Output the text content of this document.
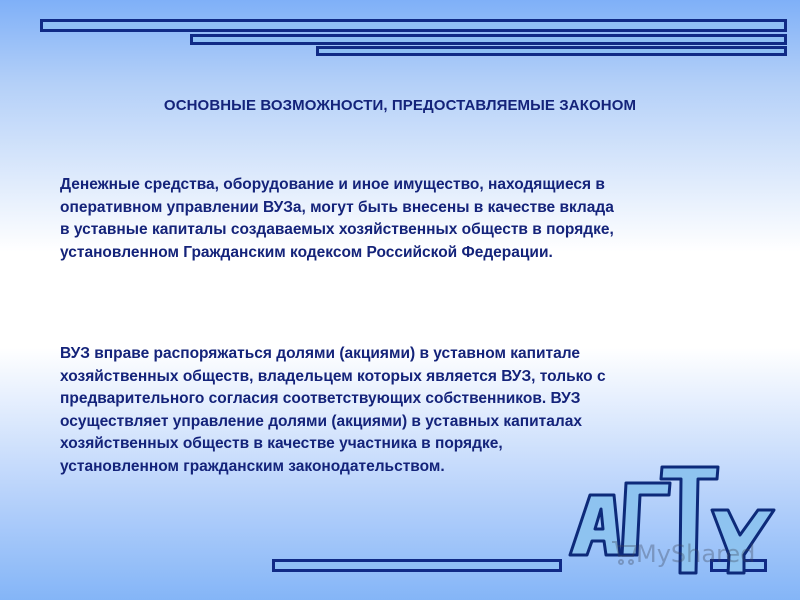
ОСНОВНЫЕ ВОЗМОЖНОСТИ, ПРЕДОСТАВЛЯЕМЫЕ ЗАКОНОМ

Денежные средства, оборудование и иное имущество, находящиеся в
оперативном управлении ВУЗа, могут быть внесены в качестве вклада
в уставные капиталы создаваемых хозяйственных обществ в порядке,
установленном Гражданским кодексом Российской Федерации.

ВУЗ вправе распоряжаться долями (акциями) в уставном капитале
хозяйственных обществ, владельцем которых является ВУЗ, только с
предварительного согласия соответствующих собственников. ВУЗ
осуществляет управление долями (акциями) в уставных капиталах
хозяйственных обществ в качестве участника в порядке,
установленном гражданским законодательством.

MyShared
